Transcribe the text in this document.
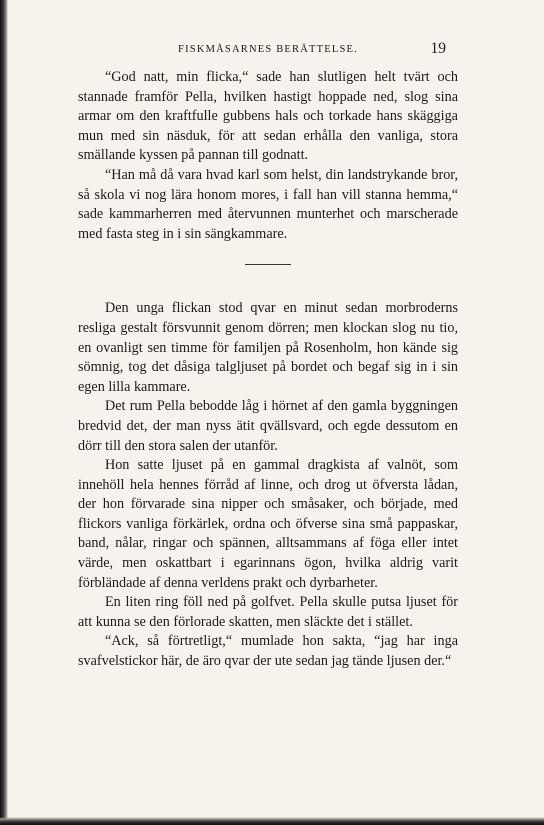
FISKMÅSARNES BERÄTTELSE.	19

“God natt, min flicka,“ sade han slutligen helt tvärt och stannade framför Pella, hvilken hastigt hoppade ned, slog sina armar om den kraftfulle gubbens hals och torkade hans skäggiga mun med sin näsduk, för att sedan erhålla den vanliga, stora smällande kyssen på pannan till godnatt.

“Han må då vara hvad karl som helst, din landstrykande bror, så skola vi nog lära honom mores, i fall han vill stanna hemma,“ sade kammarherren med återvunnen munterhet och marscherade med fasta steg in i sin sängkammare.

Den unga flickan stod qvar en minut sedan morbroderns resliga gestalt försvunnit genom dörren; men klockan slog nu tio, en ovanligt sen timme för familjen på Rosenholm, hon kände sig sömnig, tog det dåsiga talgljuset på bordet och begaf sig in i sin egen lilla kammare.

Det rum Pella bebodde låg i hörnet af den gamla byggningen bredvid det, der man nyss ätit qvällsvard, och egde dessutom en dörr till den stora salen der utanför.

Hon satte ljuset på en gammal dragkista af valnöt, som innehöll hela hennes förråd af linne, och drog ut öfversta lådan, der hon förvarade sina nipper och småsaker, och började, med flickors vanliga förkärlek, ordna och öfverse sina små pappaskar, band, nålar, ringar och spännen, alltsammans af föga eller intet värde, men oskattbart i egarinnans ögon, hvilka aldrig varit förbländade af denna verldens prakt och dyrbarheter.

En liten ring föll ned på golfvet. Pella skulle putsa ljuset för att kunna se den förlorade skatten, men släckte det i stället.

“Ack, så förtretligt,“ mumlade hon sakta, “jag har inga svafvelstickor här, de äro qvar der ute sedan jag tände ljusen der.“
